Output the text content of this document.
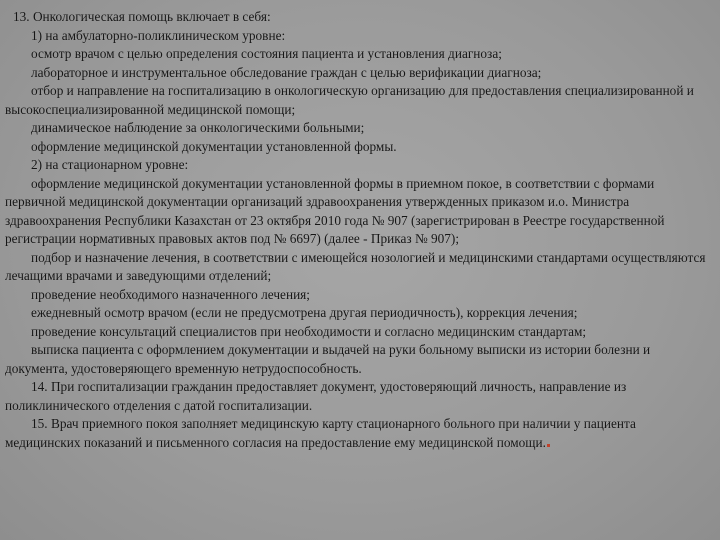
13. Онкологическая помощь включает в себя:

1) на амбулаторно-поликлиническом уровне:

осмотр врачом с целью определения состояния пациента и установления диагноза;

лабораторное и инструментальное обследование граждан с целью верификации диагноза;

отбор и направление на госпитализацию в онкологическую организацию для предоставления специализированной и высокоспециализированной медицинской помощи;

динамическое наблюдение за онкологическими больными;

оформление медицинской документации установленной формы.

2) на стационарном уровне:

оформление медицинской документации установленной формы в приемном покое, в соответствии с формами первичной медицинской документации организаций здравоохранения утвержденных приказом и.о. Министра здравоохранения Республики Казахстан от 23 октября 2010 года № 907 (зарегистрирован в Реестре государственной регистрации нормативных правовых актов под № 6697) (далее - Приказ № 907);

подбор и назначение лечения, в соответствии с имеющейся нозологией и медицинскими стандартами осуществляются лечащими врачами и заведующими отделений;

проведение необходимого назначенного лечения;

ежедневный осмотр врачом (если не предусмотрена другая периодичность), коррекция лечения;

проведение консультаций специалистов при необходимости и согласно медицинским стандартам;

выписка пациента с оформлением документации и выдачей на руки больному выписки из истории болезни и документа, удостоверяющего временную нетрудоспособность.

14. При госпитализации гражданин предоставляет документ, удостоверяющий личность, направление из поликлинического отделения с датой госпитализации.

15. Врач приемного покоя заполняет медицинскую карту стационарного больного при наличии у пациента медицинских показаний и письменного согласия на предоставление ему медицинской помощи.
